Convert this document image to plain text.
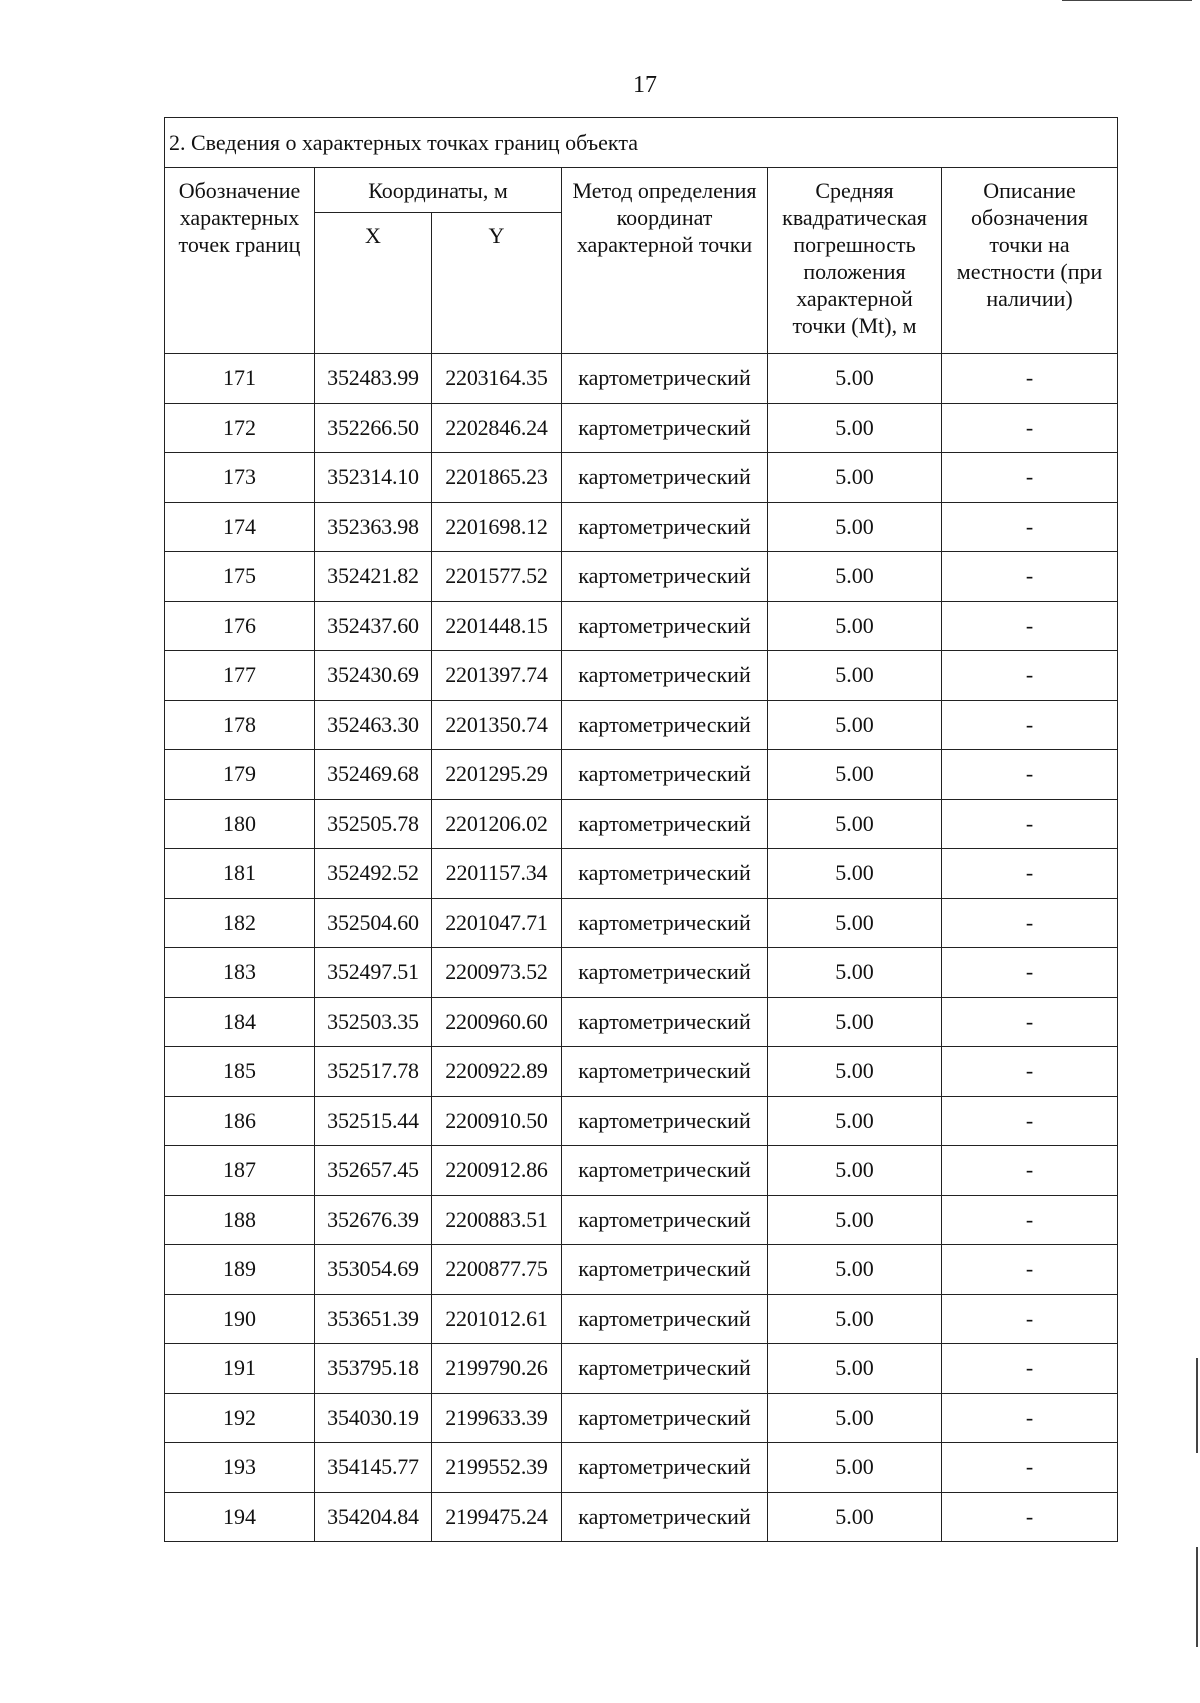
17
2. Сведения о характерных точках границ объекта					
Обозначение характерных точек границ	Координаты, м		Метод определения координат характерной точки	Средняя квадратическая погрешность положения характерной точки (Mt), м	Описание обозначения точки на местности (при наличии)
	X	Y			
171	352483.99	2203164.35	картометрический	5.00	-
172	352266.50	2202846.24	картометрический	5.00	-
173	352314.10	2201865.23	картометрический	5.00	-
174	352363.98	2201698.12	картометрический	5.00	-
175	352421.82	2201577.52	картометрический	5.00	-
176	352437.60	2201448.15	картометрический	5.00	-
177	352430.69	2201397.74	картометрический	5.00	-
178	352463.30	2201350.74	картометрический	5.00	-
179	352469.68	2201295.29	картометрический	5.00	-
180	352505.78	2201206.02	картометрический	5.00	-
181	352492.52	2201157.34	картометрический	5.00	-
182	352504.60	2201047.71	картометрический	5.00	-
183	352497.51	2200973.52	картометрический	5.00	-
184	352503.35	2200960.60	картометрический	5.00	-
185	352517.78	2200922.89	картометрический	5.00	-
186	352515.44	2200910.50	картометрический	5.00	-
187	352657.45	2200912.86	картометрический	5.00	-
188	352676.39	2200883.51	картометрический	5.00	-
189	353054.69	2200877.75	картометрический	5.00	-
190	353651.39	2201012.61	картометрический	5.00	-
191	353795.18	2199790.26	картометрический	5.00	-
192	354030.19	2199633.39	картометрический	5.00	-
193	354145.77	2199552.39	картометрический	5.00	-
194	354204.84	2199475.24	картометрический	5.00	-
